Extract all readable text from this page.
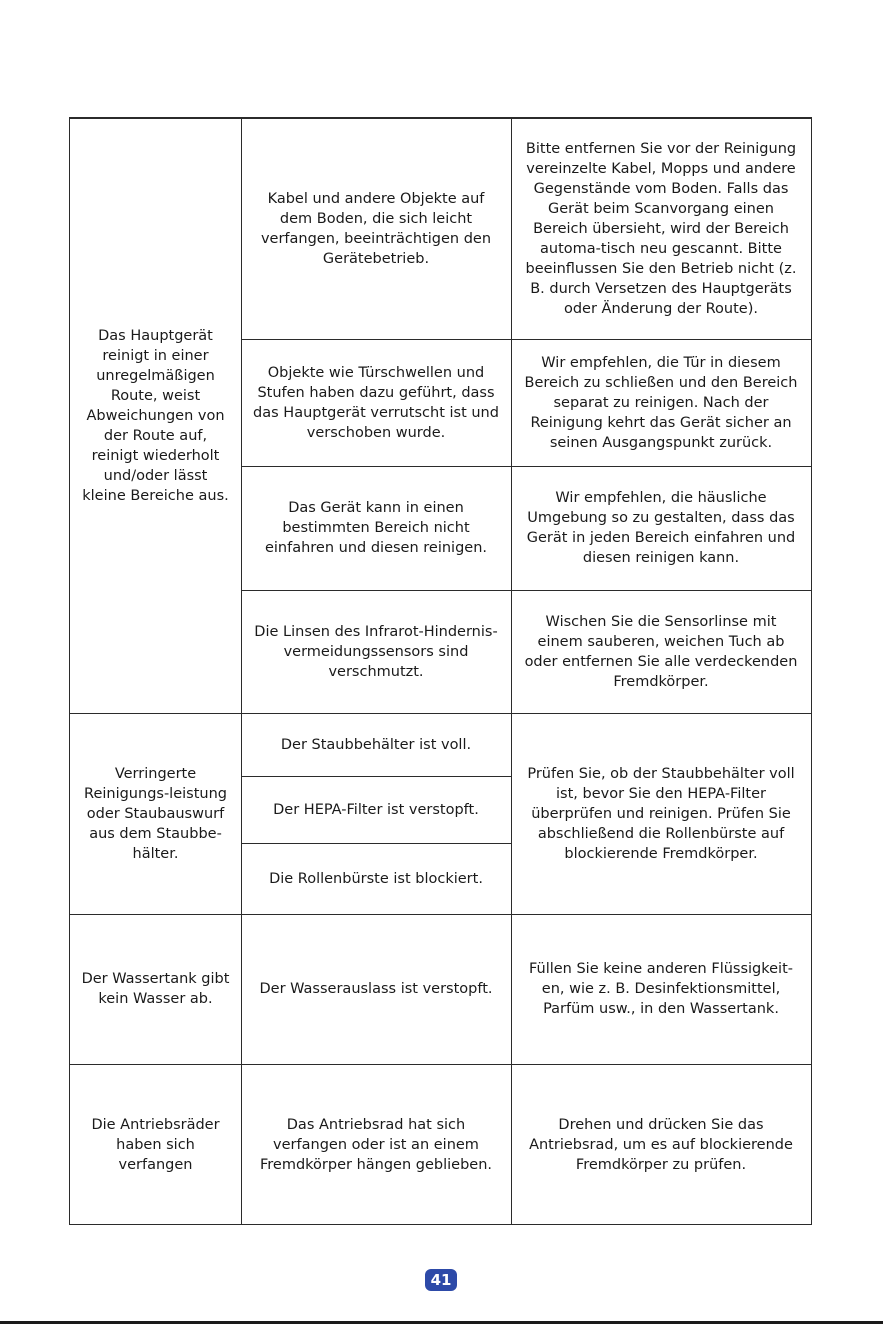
Das Hauptgerät reinigt in einer unregelmäßigen Route, weist Abweichungen von der Route auf, reinigt wiederholt und/oder lässt kleine Bereiche aus.
Kabel und andere Objekte auf dem Boden, die sich leicht verfangen, beeinträchtigen den Gerätebetrieb.
Bitte entfernen Sie vor der Reinigung vereinzelte Kabel, Mopps und andere Gegenstände vom Boden. Falls das Gerät beim Scanvorgang einen Bereich übersieht, wird der Bereich automa-tisch neu gescannt. Bitte beeinflussen Sie den Betrieb nicht (z. B. durch Versetzen des Hauptgeräts oder Änderung der Route).
Objekte wie Türschwellen und Stufen haben dazu geführt, dass das Hauptgerät verrutscht ist und verschoben wurde.
Wir empfehlen, die Tür in diesem Bereich zu schließen und den Bereich separat zu reinigen. Nach der Reinigung kehrt das Gerät sicher an seinen Ausgangspunkt zurück.
Das Gerät kann in einen bestimmten Bereich nicht einfahren und diesen reinigen.
Wir empfehlen, die häusliche Umgebung so zu gestalten, dass das Gerät in jeden Bereich einfahren und diesen reinigen kann.
Die Linsen des Infrarot-Hindernis-vermeidungssensors sind verschmutzt.
Wischen Sie die Sensorlinse mit einem sauberen, weichen Tuch ab oder entfernen Sie alle verdeckenden Fremdkörper.
Verringerte Reinigungs-leistung oder Staubauswurf aus dem Staubbe-hälter.
Der Staubbehälter ist voll.
Der HEPA-Filter ist verstopft.
Die Rollenbürste ist blockiert.
Prüfen Sie, ob der Staubbehälter voll ist, bevor Sie den HEPA-Filter überprüfen und reinigen. Prüfen Sie abschließend die Rollenbürste auf blockierende Fremdkörper.
Der Wassertank gibt kein Wasser ab.
Der Wasserauslass ist verstopft.
Füllen Sie keine anderen Flüssigkeit-en, wie z. B. Desinfektionsmittel, Parfüm usw., in den Wassertank.
Die Antriebsräder haben sich verfangen
Das Antriebsrad hat sich verfangen oder ist an einem Fremdkörper hängen geblieben.
Drehen und drücken Sie das Antriebsrad, um es auf blockierende Fremdkörper zu prüfen.
41
